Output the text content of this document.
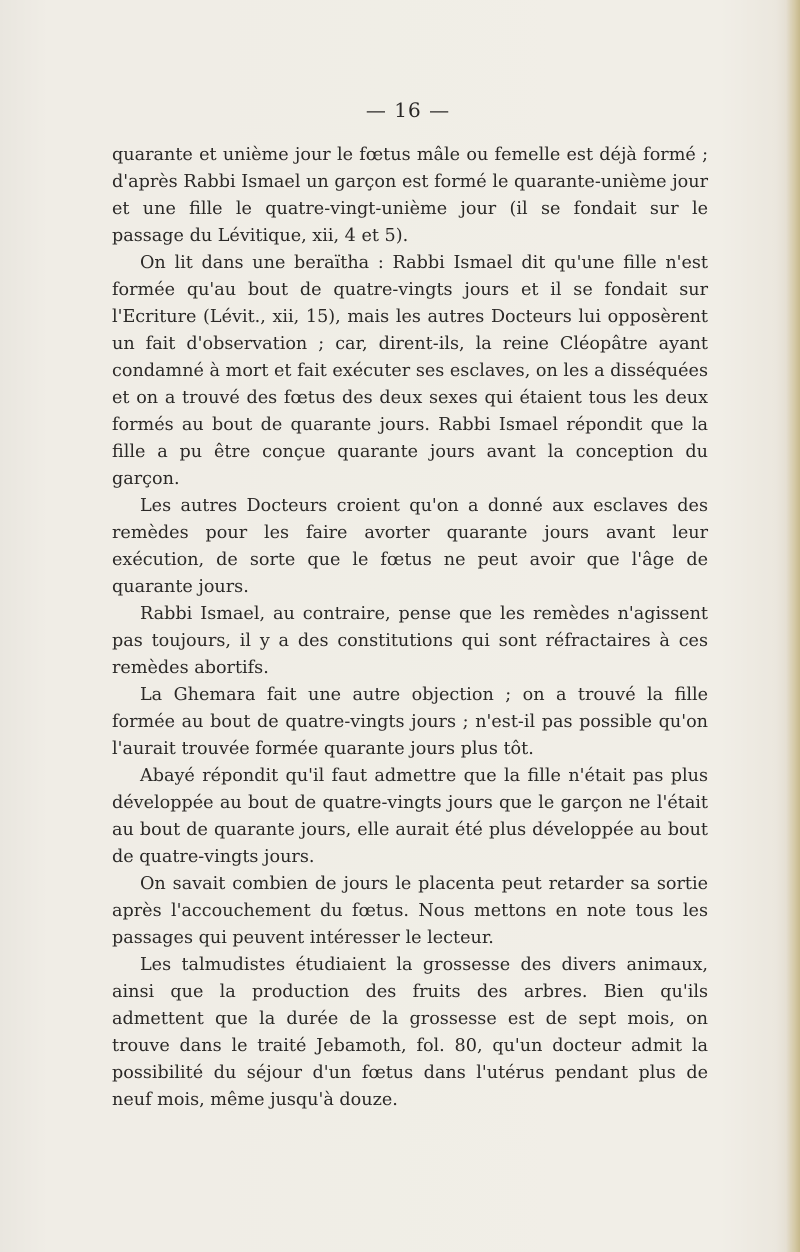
— 16 —

quarante et unième jour le fœtus mâle ou femelle est déjà formé ; d'après Rabbi Ismael un garçon est formé le quarante-unième jour et une fille le quatre-vingt-unième jour (il se fondait sur le passage du Lévitique, xii, 4 et 5).

On lit dans une beraïtha : Rabbi Ismael dit qu'une fille n'est formée qu'au bout de quatre-vingts jours et il se fondait sur l'Ecriture (Lévit., xii, 15), mais les autres Docteurs lui opposèrent un fait d'observation ; car, dirent-ils, la reine Cléopâtre ayant condamné à mort et fait exécuter ses esclaves, on les a disséquées et on a trouvé des fœtus des deux sexes qui étaient tous les deux formés au bout de quarante jours. Rabbi Ismael répondit que la fille a pu être conçue quarante jours avant la conception du garçon.

Les autres Docteurs croient qu'on a donné aux esclaves des remèdes pour les faire avorter quarante jours avant leur exécution, de sorte que le fœtus ne peut avoir que l'âge de quarante jours.

Rabbi Ismael, au contraire, pense que les remèdes n'agissent pas toujours, il y a des constitutions qui sont réfractaires à ces remèdes abortifs.

La Ghemara fait une autre objection ; on a trouvé la fille formée au bout de quatre-vingts jours ; n'est-il pas possible qu'on l'aurait trouvée formée quarante jours plus tôt.

Abayé répondit qu'il faut admettre que la fille n'était pas plus développée au bout de quatre-vingts jours que le garçon ne l'était au bout de quarante jours, elle aurait été plus développée au bout de quatre-vingts jours.

On savait combien de jours le placenta peut retarder sa sortie après l'accouchement du fœtus. Nous mettons en note tous les passages qui peuvent intéresser le lecteur.

Les talmudistes étudiaient la grossesse des divers animaux, ainsi que la production des fruits des arbres. Bien qu'ils admettent que la durée de la grossesse est de sept mois, on trouve dans le traité Jebamoth, fol. 80, qu'un docteur admit la possibilité du séjour d'un fœtus dans l'utérus pendant plus de neuf mois, même jusqu'à douze.
